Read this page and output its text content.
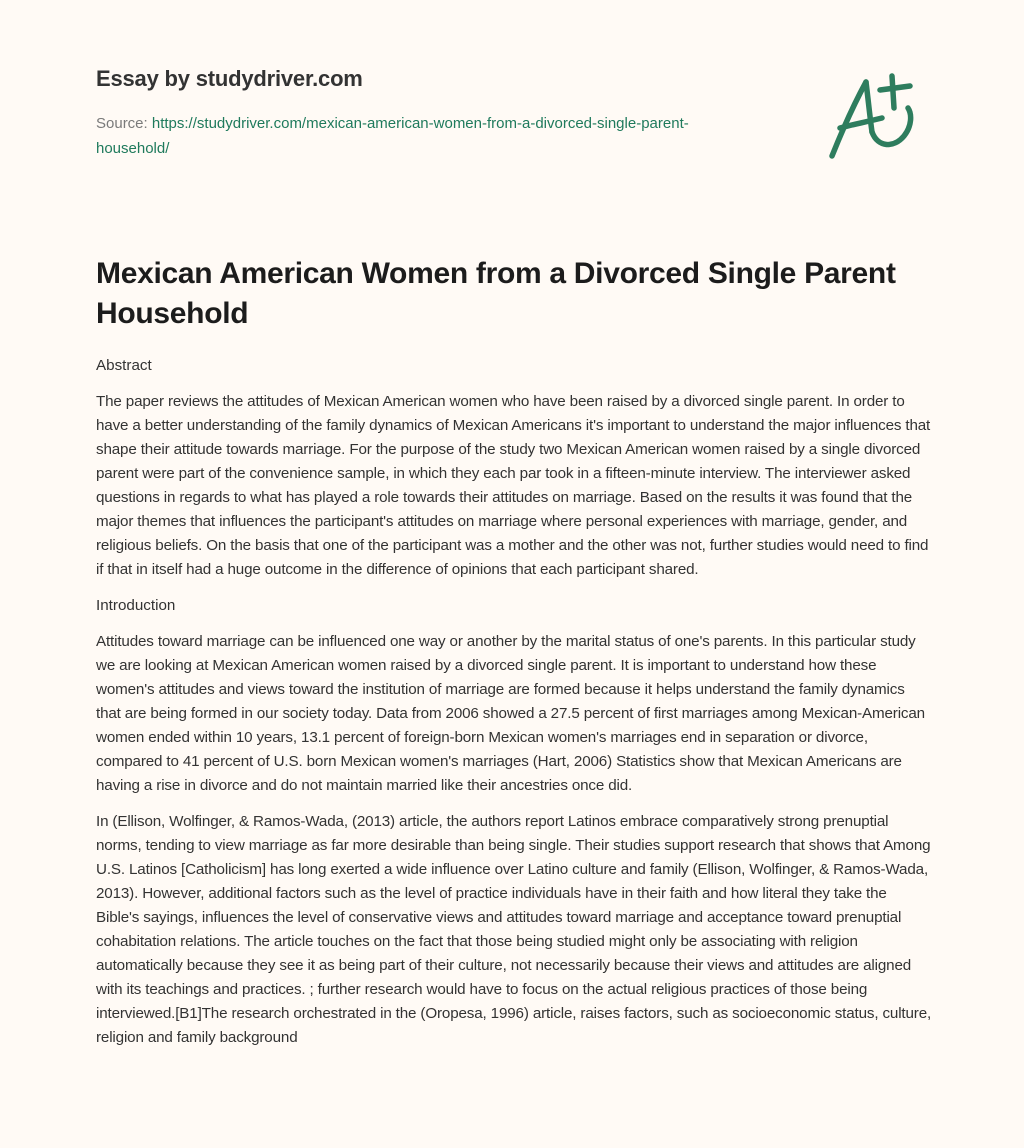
Essay by studydriver.com
Source: https://studydriver.com/mexican-american-women-from-a-divorced-single-parent-household/
Mexican American Women from a Divorced Single Parent Household
Abstract

The paper reviews the attitudes of Mexican American women who have been raised by a divorced single parent. In order to have a better understanding of the family dynamics of Mexican Americans it's important to understand the major influences that shape their attitude towards marriage. For the purpose of the study two Mexican American women raised by a single divorced parent were part of the convenience sample, in which they each par took in a fifteen-minute interview. The interviewer asked questions in regards to what has played a role towards their attitudes on marriage. Based on the results it was found that the major themes that influences the participant's attitudes on marriage where personal experiences with marriage, gender, and religious beliefs. On the basis that one of the participant was a mother and the other was not, further studies would need to find if that in itself had a huge outcome in the difference of opinions that each participant shared.

Introduction

Attitudes toward marriage can be influenced one way or another by the marital status of one's parents. In this particular study we are looking at Mexican American women raised by a divorced single parent. It is important to understand how these women's attitudes and views toward the institution of marriage are formed because it helps understand the family dynamics that are being formed in our society today. Data from 2006 showed a 27.5 percent of first marriages among Mexican-American women ended within 10 years, 13.1 percent of foreign-born Mexican women's marriages end in separation or divorce, compared to 41 percent of U.S. born Mexican women's marriages (Hart, 2006) Statistics show that Mexican Americans are having a rise in divorce and do not maintain married like their ancestries once did.

In (Ellison, Wolfinger, & Ramos-Wada, (2013) article, the authors report Latinos embrace comparatively strong prenuptial norms, tending to view marriage as far more desirable than being single. Their studies support research that shows that Among U.S. Latinos [Catholicism] has long exerted a wide influence over Latino culture and family (Ellison, Wolfinger, & Ramos-Wada, 2013). However, additional factors such as the level of practice individuals have in their faith and how literal they take the Bible's sayings, influences the level of conservative views and attitudes toward marriage and acceptance toward prenuptial cohabitation relations. The article touches on the fact that those being studied might only be associating with religion automatically because they see it as being part of their culture, not necessarily because their views and attitudes are aligned with its teachings and practices. ; further research would have to focus on the actual religious practices of those being interviewed.[B1]The research orchestrated in the (Oropesa, 1996) article, raises factors, such as socioeconomic status, culture, religion and family background
